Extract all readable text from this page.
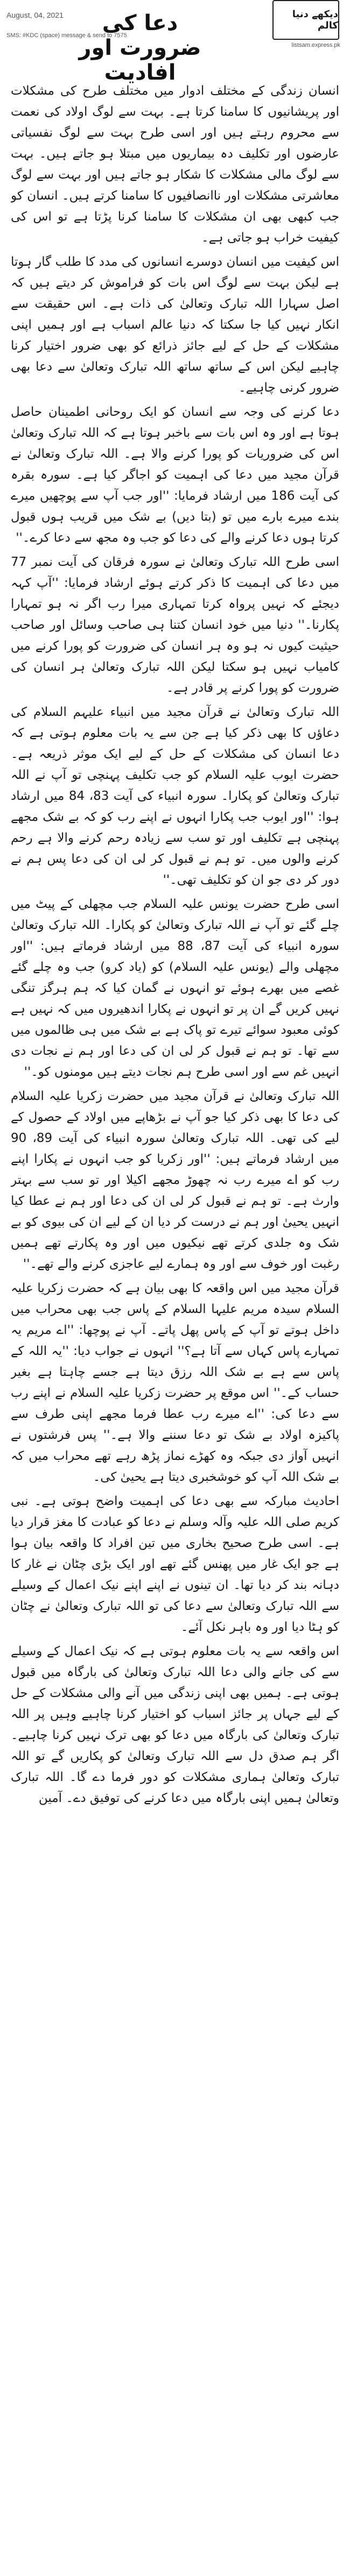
August, 04, 2021
SMS: #KDC (space) message & send to 7575
دعا کی ضرورت اور افادیت
دیکھے دنیا کالم
listsam.express.pk

انسان زندگی کے مختلف ادوار میں مختلف طرح کی مشکلات اور پریشانیوں کا سامنا کرتا ہے۔ بہت سے لوگ اولاد کی نعمت سے محروم رہتے ہیں اور اسی طرح بہت سے لوگ نفسیاتی عارضوں اور تکلیف دہ بیماریوں میں مبتلا ہو جاتے ہیں۔ بہت سے لوگ مالی مشکلات کا شکار ہو جاتے ہیں اور بہت سے لوگ معاشرتی مشکلات اور ناانصافیوں کا سامنا کرتے ہیں۔ انسان کو جب کبھی بھی ان مشکلات کا سامنا کرنا پڑتا ہے تو اس کی کیفیت خراب ہو جاتی ہے۔

اس کیفیت میں انسان دوسرے انسانوں کی مدد کا طلب گار ہوتا ہے لیکن بہت سے لوگ اس بات کو فراموش کر دیتے ہیں کہ اصل سہارا اللہ تبارک وتعالیٰ کی ذات ہے۔ اس حقیقت سے انکار نہیں کیا جا سکتا کہ دنیا عالم اسباب ہے اور ہمیں اپنی مشکلات کے حل کے لیے جائز ذرائع کو بھی ضرور اختیار کرنا چاہیے لیکن اس کے ساتھ ساتھ اللہ تبارک وتعالیٰ سے دعا بھی ضرور کرنی چاہیے۔

دعا کرنے کی وجہ سے انسان کو ایک روحانی اطمینان حاصل ہوتا ہے اور وہ اس بات سے باخبر ہوتا ہے کہ اللہ تبارک وتعالیٰ اس کی ضروریات کو پورا کرنے والا ہے۔ اللہ تبارک وتعالیٰ نے قرآن مجید میں دعا کی اہمیت کو اجاگر کیا ہے۔ سورہ بقرہ کی آیت 186 میں ارشاد فرمایا: ''اور جب آپ سے پوچھیں میرے بندے میرے بارے میں تو (بتا دیں) بے شک میں قریب ہوں قبول کرتا ہوں دعا کرنے والے کی دعا کو جب وہ مجھ سے دعا کرے۔''

اسی طرح اللہ تبارک وتعالیٰ نے سورہ فرقان کی آیت نمبر 77 میں دعا کی اہمیت کا ذکر کرتے ہوئے ارشاد فرمایا: ''آپ کہہ دیجئے کہ نہیں پرواہ کرتا تمہاری میرا رب اگر نہ ہو تمہارا پکارنا۔'' دنیا میں خود انسان کتنا ہی صاحب وسائل اور صاحب حیثیت کیوں نہ ہو وہ ہر انسان کی ضرورت کو پورا کرنے میں کامیاب نہیں ہو سکتا لیکن اللہ تبارک وتعالیٰ ہر انسان کی ضرورت کو پورا کرنے پر قادر ہے۔

اللہ تبارک وتعالیٰ نے قرآن مجید میں انبیاء علیہم السلام کی دعاؤں کا بھی ذکر کیا ہے جن سے یہ بات معلوم ہوتی ہے کہ دعا انسان کی مشکلات کے حل کے لیے ایک موثر ذریعہ ہے۔ حضرت ایوب علیہ السلام کو جب تکلیف پہنچی تو آپ نے اللہ تبارک وتعالیٰ کو پکارا۔ سورہ انبیاء کی آیت 83، 84 میں ارشاد ہوا: ''اور ایوب جب پکارا انہوں نے اپنے رب کو کہ بے شک مجھے پہنچی ہے تکلیف اور تو سب سے زیادہ رحم کرنے والا ہے رحم کرنے والوں میں۔ تو ہم نے قبول کر لی ان کی دعا پس ہم نے دور کر دی جو ان کو تکلیف تھی۔''

اسی طرح حضرت یونس علیہ السلام جب مچھلی کے پیٹ میں چلے گئے تو آپ نے اللہ تبارک وتعالیٰ کو پکارا۔ اللہ تبارک وتعالیٰ سورہ انبیاء کی آیت 87، 88 میں ارشاد فرماتے ہیں: ''اور مچھلی والے (یونس علیہ السلام) کو (یاد کرو) جب وہ چلے گئے غصے میں بھرے ہوئے تو انہوں نے گمان کیا کہ ہم ہرگز تنگی نہیں کریں گے ان پر تو انہوں نے پکارا اندھیروں میں کہ نہیں ہے کوئی معبود سوائے تیرے تو پاک ہے بے شک میں ہی ظالموں میں سے تھا۔ تو ہم نے قبول کر لی ان کی دعا اور ہم نے نجات دی انہیں غم سے اور اسی طرح ہم نجات دیتے ہیں مومنوں کو۔''

اللہ تبارک وتعالیٰ نے قرآن مجید میں حضرت زکریا علیہ السلام کی دعا کا بھی ذکر کیا جو آپ نے بڑھاپے میں اولاد کے حصول کے لیے کی تھی۔ اللہ تبارک وتعالیٰ سورہ انبیاء کی آیت 89، 90 میں ارشاد فرماتے ہیں: ''اور زکریا کو جب انہوں نے پکارا اپنے رب کو اے میرے رب نہ چھوڑ مجھے اکیلا اور تو سب سے بہتر وارث ہے۔ تو ہم نے قبول کر لی ان کی دعا اور ہم نے عطا کیا انہیں یحییٰ اور ہم نے درست کر دیا ان کے لیے ان کی بیوی کو بے شک وہ جلدی کرتے تھے نیکیوں میں اور وہ پکارتے تھے ہمیں رغبت اور خوف سے اور وہ ہمارے لیے عاجزی کرنے والے تھے۔''

قرآن مجید میں اس واقعہ کا بھی بیان ہے کہ حضرت زکریا علیہ السلام سیدہ مریم علیہا السلام کے پاس جب بھی محراب میں داخل ہوتے تو آپ کے پاس پھل پاتے۔ آپ نے پوچھا: ''اے مریم یہ تمہارے پاس کہاں سے آتا ہے؟'' انہوں نے جواب دیا: ''یہ اللہ کے پاس سے ہے بے شک اللہ رزق دیتا ہے جسے چاہتا ہے بغیر حساب کے۔'' اس موقع پر حضرت زکریا علیہ السلام نے اپنے رب سے دعا کی: ''اے میرے رب عطا فرما مجھے اپنی طرف سے پاکیزہ اولاد بے شک تو دعا سننے والا ہے۔'' پس فرشتوں نے انہیں آواز دی جبکہ وہ کھڑے نماز پڑھ رہے تھے محراب میں کہ بے شک اللہ آپ کو خوشخبری دیتا ہے یحییٰ کی۔

احادیث مبارکہ سے بھی دعا کی اہمیت واضح ہوتی ہے۔ نبی کریم صلی اللہ علیہ وآلہ وسلم نے دعا کو عبادت کا مغز قرار دیا ہے۔ اسی طرح صحیح بخاری میں تین افراد کا واقعہ بیان ہوا ہے جو ایک غار میں پھنس گئے تھے اور ایک بڑی چٹان نے غار کا دہانہ بند کر دیا تھا۔ ان تینوں نے اپنے اپنے نیک اعمال کے وسیلے سے اللہ تبارک وتعالیٰ سے دعا کی تو اللہ تبارک وتعالیٰ نے چٹان کو ہٹا دیا اور وہ باہر نکل آئے۔

اس واقعہ سے یہ بات معلوم ہوتی ہے کہ نیک اعمال کے وسیلے سے کی جانے والی دعا اللہ تبارک وتعالیٰ کی بارگاہ میں قبول ہوتی ہے۔ ہمیں بھی اپنی زندگی میں آنے والی مشکلات کے حل کے لیے جہاں پر جائز اسباب کو اختیار کرنا چاہیے وہیں پر اللہ تبارک وتعالیٰ کی بارگاہ میں دعا کو بھی ترک نہیں کرنا چاہیے۔ اگر ہم صدق دل سے اللہ تبارک وتعالیٰ کو پکاریں گے تو اللہ تبارک وتعالیٰ ہماری مشکلات کو دور فرما دے گا۔ اللہ تبارک وتعالیٰ ہمیں اپنی بارگاہ میں دعا کرنے کی توفیق دے۔ آمین
